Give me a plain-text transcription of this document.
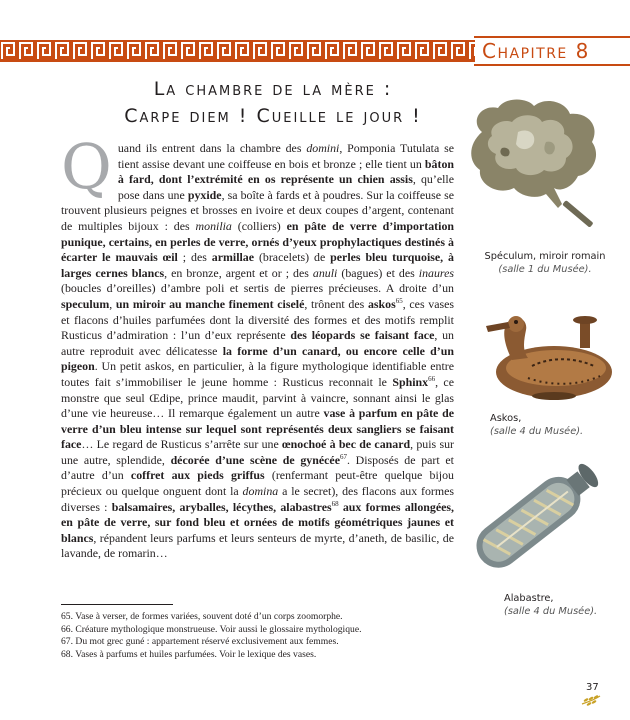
Chapitre 8
La chambre de la mère :
Carpe diem ! Cueille le jour !
Q uand ils entrent dans la chambre des domini, Pomponia Tutulata se tient assise devant une coiffeuse en bois et bronze ; elle tient un bâton à fard, dont l’extrémité en os représente un chien assis, qu’elle pose dans une pyxide, sa boîte à fards et à poudres. Sur la coiffeuse se trouvent plusieurs peignes et brosses en ivoire et deux coupes d’argent, contenant de multiples bijoux : des monilia (colliers) en pâte de verre d’importation punique, certains, en perles de verre, ornés d’yeux prophylactiques destinés à écarter le mauvais œil ; des armillae (bracelets) de perles bleu turquoise, à larges cernes blancs, en bronze, argent et or ; des anuli (bagues) et des inaures (boucles d’oreilles) d’ambre poli et sertis de pierres précieuses. A droite d’un speculum, un miroir au manche finement ciselé, trônent des askos$^{65}$, ces vases et flacons d’huiles parfumées dont la diversité des formes et des motifs remplit Rusticus d’admiration : l’un d’eux représente des léopards se faisant face, un autre reproduit avec délicatesse la forme d’un canard, ou encore celle d’un pigeon. Un petit askos, en particulier, à la figure mythologique identifiable entre toutes fait s’immobiliser le jeune homme : Rusticus reconnait le Sphinx$^{66}$, ce monstre que seul Œdipe, prince maudit, parvint à vaincre, sonnant ainsi le glas d’une vie heureuse… Il remarque également un autre vase à parfum en pâte de verre d’un bleu intense sur lequel sont représentés deux sangliers se faisant face… Le regard de Rusticus s’arrête sur une œnochoé à bec de canard, puis sur une autre, splendide, décorée d’une scène de gynécée$^{67}$. Disposés de part et d’autre d’un coffret aux pieds griffus (renfermant peut-être quelque bijou précieux ou quelque onguent dont la domina a le secret), des flacons aux formes diverses : balsamaires, aryballes, lécythes, alabastres$^{68}$ aux formes allongées, en pâte de verre, sur fond bleu et ornées de motifs géométriques jaunes et blancs, répandent leurs parfums et leurs senteurs de myrte, d’aneth, de basilic, de lavande, de romarin…

65. Vase à verser, de formes variées, souvent doté d’un corps zoomorphe.
66. Créature mythologique monstrueuse. Voir aussi le glossaire mythologique.
67. Du mot grec guné : appartement réservé exclusivement aux femmes.
68. Vases à parfums et huiles parfumées. Voir le lexique des vases.
Spéculum, miroir romain
(salle 1 du Musée).
Askos,
(salle 4 du Musée).
Alabastre,
(salle 4 du Musée).
37
